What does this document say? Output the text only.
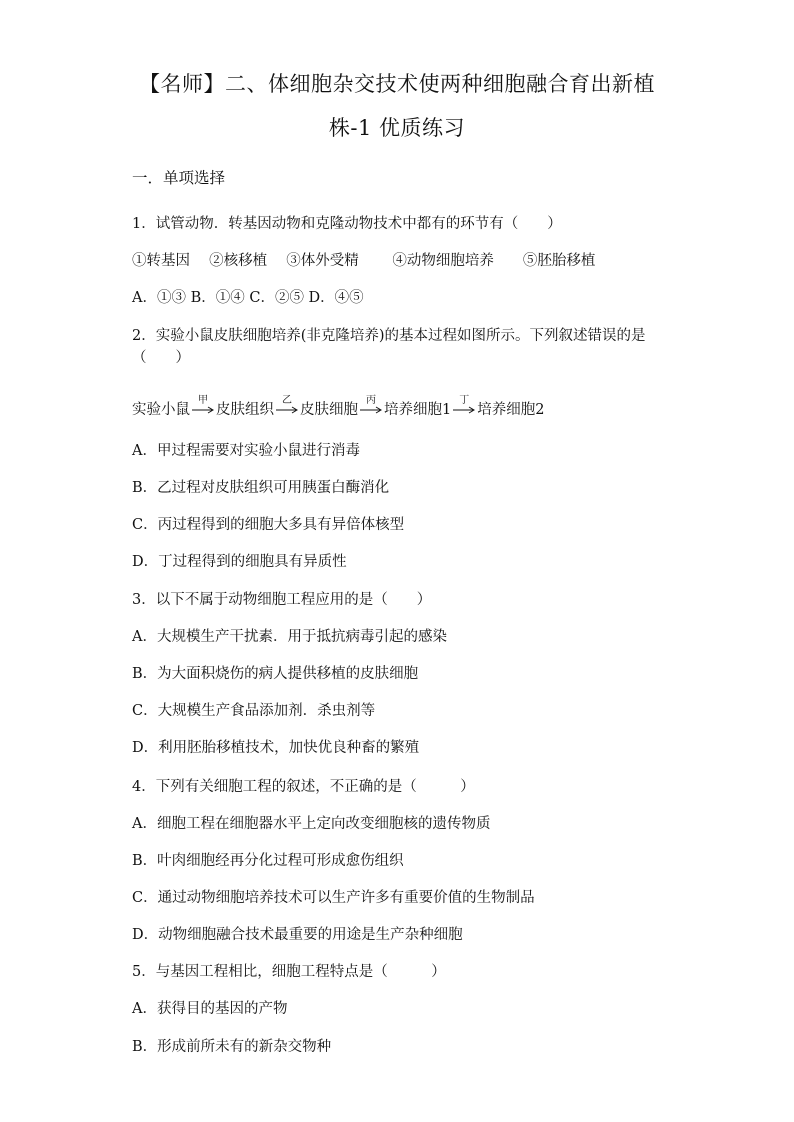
【名师】二、体细胞杂交技术使两种细胞融合育出新植
株-1 优质练习
一．单项选择
1．试管动物．转基因动物和克隆动物技术中都有的环节有（　　）
①转基因　 ②核移植　 ③体外受精　　 ④动物细胞培养　　⑤胚胎移植
A．①③ B．①④ C．②⑤ D．④⑤
2．实验小鼠皮肤细胞培养(非克隆培养)的基本过程如图所示。下列叙述错误的是
（　　）
实验小鼠
甲
皮肤组织
乙
皮肤细胞
丙
培养细胞1
丁
培养细胞2
A．甲过程需要对实验小鼠进行消毒
B．乙过程对皮肤组织可用胰蛋白酶消化
C．丙过程得到的细胞大多具有异倍体核型
D．丁过程得到的细胞具有异质性
3．以下不属于动物细胞工程应用的是（　　）
A．大规模生产干扰素．用于抵抗病毒引起的感染
B．为大面积烧伤的病人提供移植的皮肤细胞
C．大规模生产食品添加剂．杀虫剂等
D．利用胚胎移植技术，加快优良种畜的繁殖
4．下列有关细胞工程的叙述，不正确的是（　　　）
A．细胞工程在细胞器水平上定向改变细胞核的遗传物质
B．叶肉细胞经再分化过程可形成愈伤组织
C．通过动物细胞培养技术可以生产许多有重要价值的生物制品
D．动物细胞融合技术最重要的用途是生产杂种细胞
5．与基因工程相比，细胞工程特点是（　　　）
A．获得目的基因的产物
B．形成前所未有的新杂交物种
